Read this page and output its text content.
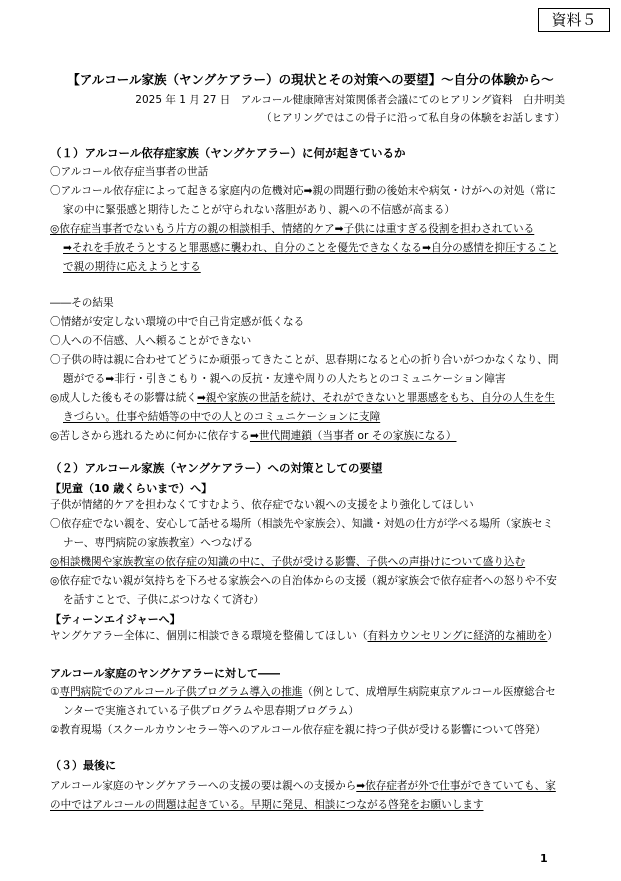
資料５
【アルコール家族（ヤングケアラー）の現状とその対策への要望】～自分の体験から～
2025 年 1 月 27 日　アルコール健康障害対策関係者会議にてのヒアリング資料　白井明美
（ヒアリングではこの骨子に沿って私自身の体験をお話します）
（１）アルコール依存症家族（ヤングケアラー）に何が起きているか
〇アルコール依存症当事者の世話
〇アルコール依存症によって起きる家庭内の危機対応➡親の問題行動の後始末や病気・けがへの対処（常に
家の中に緊張感と期待したことが守られない落胆があり、親への不信感が高まる）
◎依存症当事者でないもう片方の親の相談相手、情緒的ケア➡子供には重すぎる役割を担わされている
➡それを手放そうとすると罪悪感に襲われ、自分のことを優先できなくなる➡自分の感情を抑圧すること
で親の期待に応えようとする
――その結果
〇情緒が安定しない環境の中で自己肯定感が低くなる
〇人への不信感、人へ頼ることができない
〇子供の時は親に合わせてどうにか頑張ってきたことが、思春期になると心の折り合いがつかなくなり、問
題がでる➡非行・引きこもり・親への反抗・友達や周りの人たちとのコミュニケーション障害
◎成人した後もその影響は続く➡親や家族の世話を続け、それができないと罪悪感をもち、自分の人生を生
きづらい。仕事や結婚等の中での人とのコミュニケーションに支障
◎苦しさから逃れるために何かに依存する➡世代間連鎖（当事者 or その家族になる）
（２）アルコール家族（ヤングケアラー）への対策としての要望
【児童（10 歳くらいまで）へ】
子供が情緒的ケアを担わなくてすむよう、依存症でない親への支援をより強化してほしい
〇依存症でない親を、安心して話せる場所（相談先や家族会）、知識・対処の仕方が学べる場所（家族セミ
ナー、専門病院の家族教室）へつなげる
◎相談機関や家族教室の依存症の知識の中に、子供が受ける影響、子供への声掛けについて盛り込む
◎依存症でない親が気持ちを下ろせる家族会への自治体からの支援（親が家族会で依存症者への怒りや不安
を話すことで、子供にぶつけなくて済む）
【ティーンエイジャーへ】
ヤングケアラー全体に、個別に相談できる環境を整備してほしい（有料カウンセリングに経済的な補助を）
アルコール家庭のヤングケアラーに対して――
①専門病院でのアルコール子供プログラム導入の推進（例として、成増厚生病院東京アルコール医療総合セ
ンターで実施されている子供プログラムや思春期プログラム）
②教育現場（スクールカウンセラー等へのアルコール依存症を親に持つ子供が受ける影響について啓発）
（３）最後に
アルコール家庭のヤングケアラーへの支援の要は親への支援から➡依存症者が外で仕事ができていても、家
の中ではアルコールの問題は起きている。早期に発見、相談につながる啓発をお願いします
1
